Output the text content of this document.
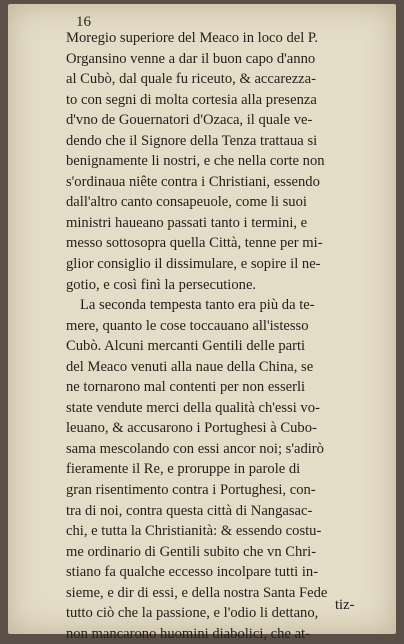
16
Moregio superiore del Meaco in loco del P.
Organsino venne a dar il buon capo d'anno
al Cubò, dal quale fu riceuto, & accarezza-
to con segni di molta cortesia alla presenza
d'vno de Gouernatori d'Ozaca, il quale ve-
dendo che il Signore della Tenza trattaua si
benignamente li nostri, e che nella corte non
s'ordinaua niête contra i Christiani, essendo
dall'altro canto consapeuole, come li suoi
ministri haueano passati tanto i termini, e
messo sottosopra quella Città, tenne per mi-
glior consiglio il dissimulare, e sopire il ne-
gotio, e così finì la persecutione.
La seconda tempesta tanto era più da te-
mere, quanto le cose toccauano all'istesso
Cubò. Alcuni mercanti Gentili delle parti
del Meaco venuti alla naue della China, se
ne tornarono mal contenti per non esserli
state vendute merci della qualità ch'essi vo-
leuano, & accusarono i Portughesi à Cubo-
sama mescolando con essi ancor noi; s'adirò
fieramente il Re, e proruppe in parole di
gran risentimento contra i Portughesi, con-
tra di noi, contra questa città di Nangasac-
chi, e tutta la Christianità: & essendo costu-
me ordinario di Gentili subito che vn Chri-
stiano fa qualche eccesso incolpare tutti in-
sieme, e dir di essi, e della nostra Santa Fede
tutto ciò che la passione, e l'odio li dettano,
non mancarono huomini diabolici, che at-
tiz-
